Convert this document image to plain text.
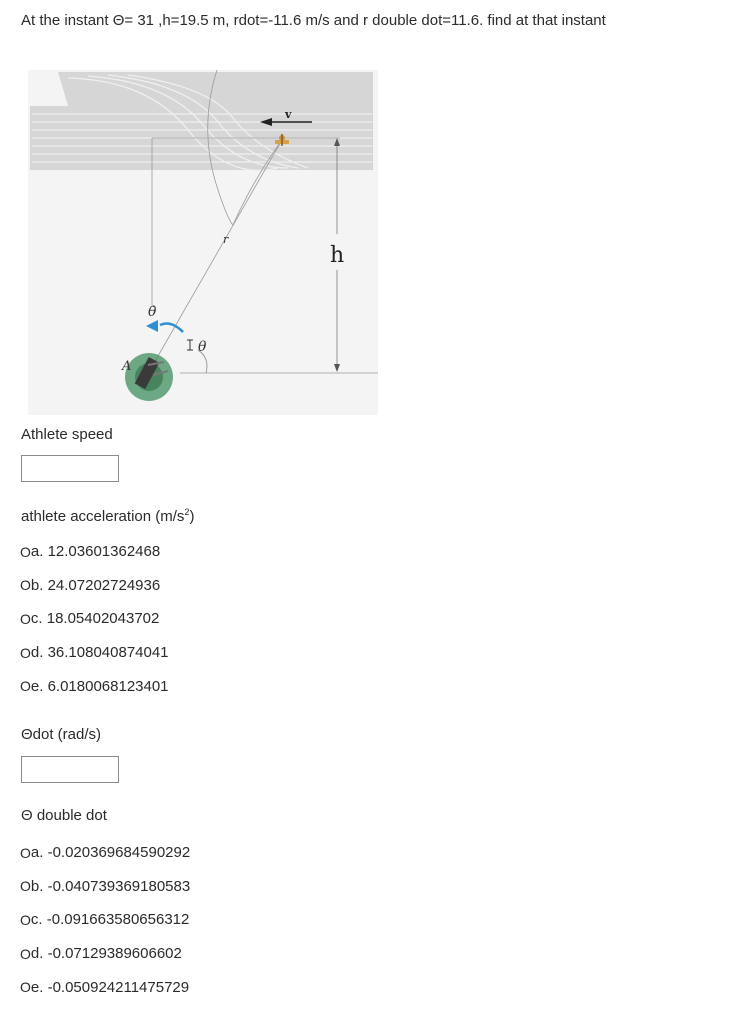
At the instant Θ= 31 ,h=19.5 m, rdot=-11.6 m/s and r double dot=11.6. find at that instant

h
r
v
A
θ̇
θ

Athlete speed

athlete acceleration $(m/s^2)$

O a. 12.03601362468
O b. 24.07202724936
O c. 18.05402043702
O d. 36.108040874041
O e. 6.0180068123401

Θdot (rad/s)

Θ double dot

O a. -0.020369684590292
O b. -0.040739369180583
O c. -0.091663580656312
O d. -0.07129389606602
O e. -0.050924211475729
